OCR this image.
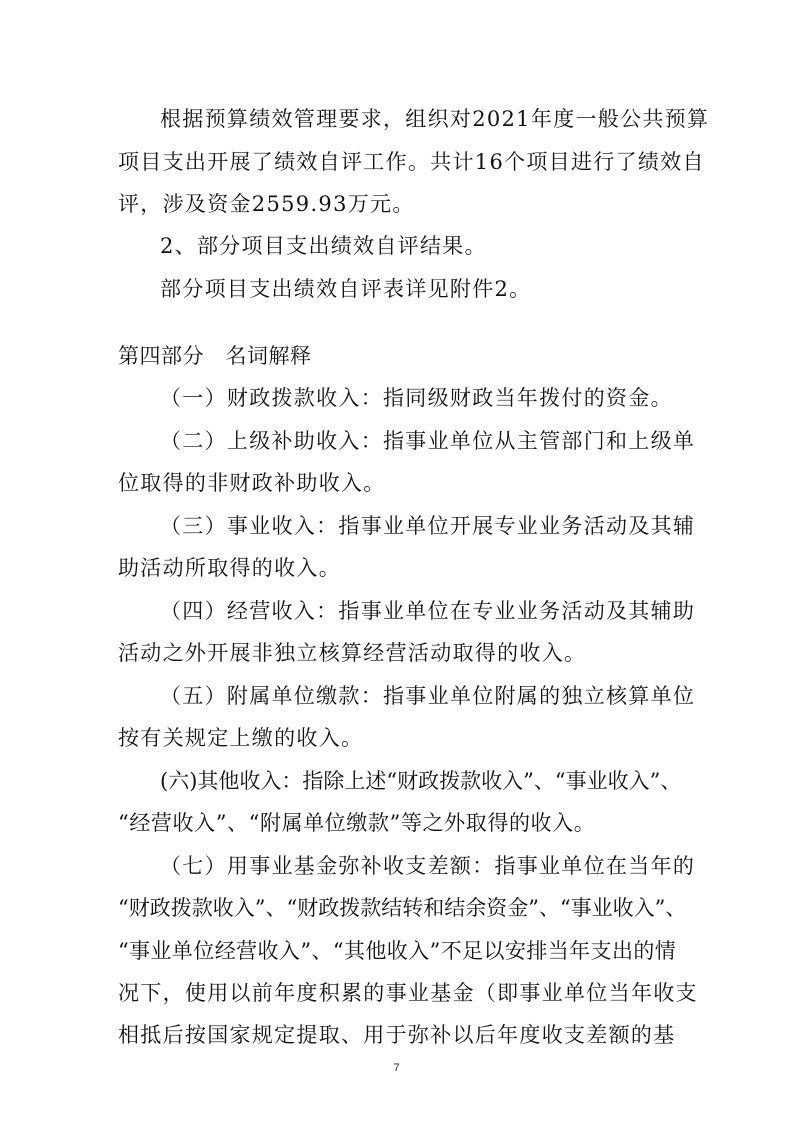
根据预算绩效管理要求，组织对2021年度一般公共预算
项目支出开展了绩效自评工作。共计16个项目进行了绩效自
评，涉及资金2559.93万元。
2、部分项目支出绩效自评结果。
部分项目支出绩效自评表详见附件2。
第四部分　名词解释
（一）财政拨款收入：指同级财政当年拨付的资金。
（二）上级补助收入：指事业单位从主管部门和上级单
位取得的非财政补助收入。
（三）事业收入：指事业单位开展专业业务活动及其辅
助活动所取得的收入。
（四）经营收入：指事业单位在专业业务活动及其辅助
活动之外开展非独立核算经营活动取得的收入。
（五）附属单位缴款：指事业单位附属的独立核算单位
按有关规定上缴的收入。
(六)其他收入：指除上述“财政拨款收入”、“事业收入”、
“经营收入”、“附属单位缴款”等之外取得的收入。
（七）用事业基金弥补收支差额：指事业单位在当年的
“财政拨款收入”、“财政拨款结转和结余资金”、“事业收入”、
“事业单位经营收入”、“其他收入”不足以安排当年支出的情
况下，使用以前年度积累的事业基金（即事业单位当年收支
相抵后按国家规定提取、用于弥补以后年度收支差额的基
7
